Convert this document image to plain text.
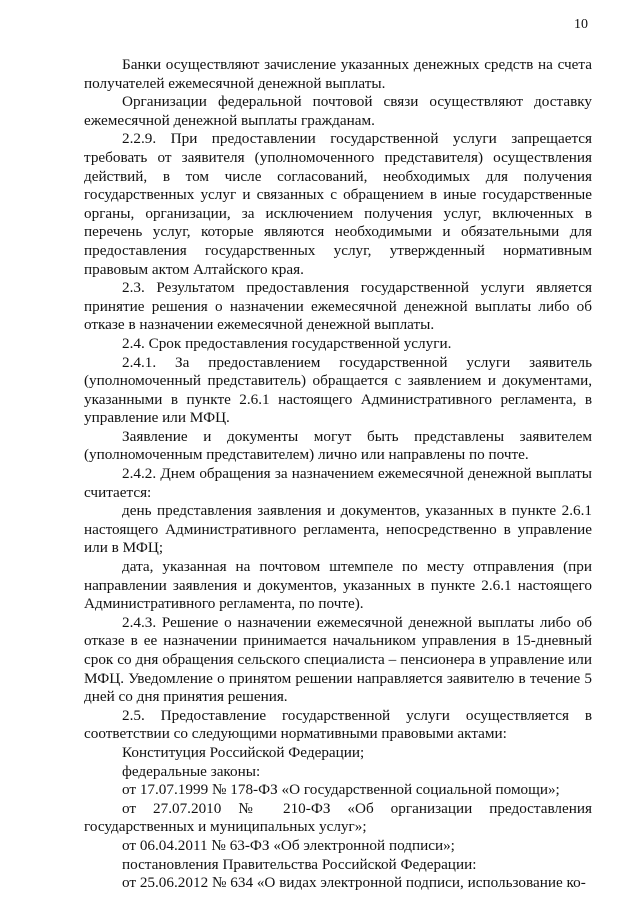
10

Банки осуществляют зачисление указанных денежных средств на счета получателей ежемесячной денежной выплаты.

Организации федеральной почтовой связи осуществляют доставку ежемесячной денежной выплаты гражданам.

2.2.9. При предоставлении государственной услуги запрещается требовать от заявителя (уполномоченного представителя) осуществления действий, в том числе согласований, необходимых для получения государственных услуг и связанных с обращением в иные государственные органы, организации, за исключением получения услуг, включенных в перечень услуг, которые являются необходимыми и обязательными для предоставления государственных услуг, утвержденный нормативным правовым актом Алтайского края.

2.3. Результатом предоставления государственной услуги является принятие решения о назначении ежемесячной денежной выплаты либо об отказе в назначении ежемесячной денежной выплаты.

2.4. Срок предоставления государственной услуги.

2.4.1. За предоставлением государственной услуги заявитель (уполномоченный представитель) обращается с заявлением и документами, указанными в пункте 2.6.1 настоящего Административного регламента, в управление или МФЦ.

Заявление и документы могут быть представлены заявителем (уполномоченным представителем) лично или направлены по почте.

2.4.2. Днем обращения за назначением ежемесячной денежной выплаты считается:

день представления заявления и документов, указанных в пункте 2.6.1 настоящего Административного регламента, непосредственно в управление или в МФЦ;

дата, указанная на почтовом штемпеле по месту отправления (при направлении заявления и документов, указанных в пункте 2.6.1 настоящего Административного регламента, по почте).

2.4.3. Решение о назначении ежемесячной денежной выплаты либо об отказе в ее назначении принимается начальником управления в 15-дневный срок со дня обращения сельского специалиста – пенсионера в управление или МФЦ. Уведомление о принятом решении направляется заявителю в течение 5 дней со дня принятия решения.

2.5. Предоставление государственной услуги осуществляется в соответствии со следующими нормативными правовыми актами:

Конституция Российской Федерации;

федеральные законы:

от 17.07.1999 № 178-ФЗ «О государственной социальной помощи»;

от 27.07.2010 № 210-ФЗ «Об организации предоставления государственных и муниципальных услуг»;

от 06.04.2011 № 63-ФЗ «Об электронной подписи»;

постановления Правительства Российской Федерации:

от 25.06.2012 № 634 «О видах электронной подписи, использование ко-
